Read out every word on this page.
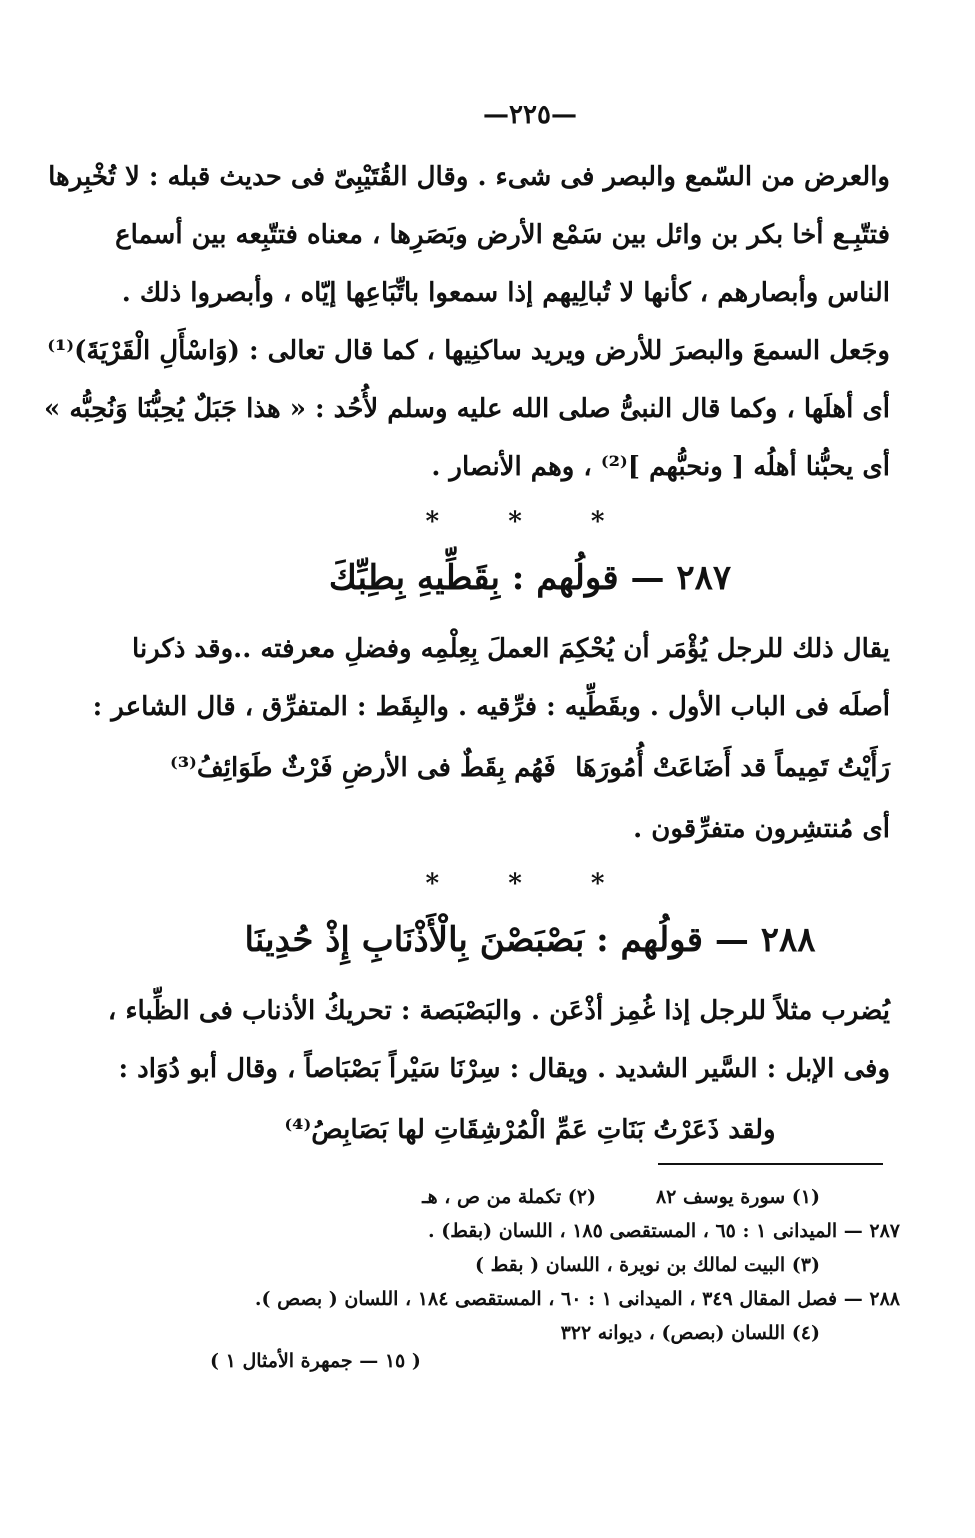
—٢٢٥—
والعرض من السّمع والبصر فى شىء . وقال القُتَيْبِىّ فى حديث قبله : لا تُخْبِرها
فتتّبِـع أخا بكر بن وائل بين سَمْع الأرض وبَصَرِها ، معناه فتتّبِعه بين أسماع
الناس وأبصارهم ، كأنها لا تُبالِيهم إذا سمعوا باتِّبَاعِها إيّاه ، وأبصروا ذلك .
وجَعل السمعَ والبصرَ للأرض ويريد ساكنِيها ، كما قال تعالى : (وَاسْأَلِ الْقَرْيَةَ)⁽¹⁾
أى أهلَها ، وكما قال النبىُّ صلى الله عليه وسلم لأُحُد : « هذا جَبَلٌ يُحِبُّنَا وَنُحِبُّه »
أى يحبُّنا أهلُه [ ونحبُّهم ]⁽²⁾ ، وهم الأنصار .
* * *
٢٨٧ — قولُهم : بِقَطِّيهِ بِطِبِّكَ
يقال ذلك للرجل يُؤْمَر أن يُحْكِمَ العملَ بِعِلْمِه وفضلِ معرفته ..وقد ذكرنا
أصلَه فى الباب الأول . وبقَطِّيه : فرِّقيه . والبِقَط : المتفرِّق ، قال الشاعر :
رَأَيْتُ تَمِيماً قد أَضَاعَتْ أُمُورَهَا
فَهُم بِقَطٌ فى الأرضِ فَرْثٌ طَوَائِفُ⁽³⁾
أى مُنتشِرون متفرِّقون .
* * *
٢٨٨ — قولُهم : بَصْبَصْنَ بِالْأَذْنَابِ إِذْ حُدِينَا
يُضرب مثلاً للرجل إذا غُمِز أذْعَن . والبَصْبَصة : تحريكُ الأذناب فى الظِّباء ،
وفى الإبل : السَّير الشديد . ويقال : سِرْنَا سَيْراً بَصْبَاصاً ، وقال أبو دُوَاد :
ولقد ذَعَرْتُ بَنَاتِ عَمِّ الْمُرْشِقَاتِ لها بَصَابِصُ⁽⁴⁾
(١) سورة يوسف ٨٢
(٢) تكملة من ص ، هـ
٢٨٧ — الميدانى ١ : ٦٥ ، المستقصى ١٨٥ ، اللسان (بقط) .
(٣) البيت لمالك بن نويرة ، اللسان ( بقط )
٢٨٨ — فصل المقال ٣٤٩ ، الميدانى ١ : ٦٠ ، المستقصى ١٨٤ ، اللسان ( بصص ).
(٤) اللسان (بصص) ، ديوانه ٣٢٢
( ١٥ — جمهرة الأمثال ١ )
